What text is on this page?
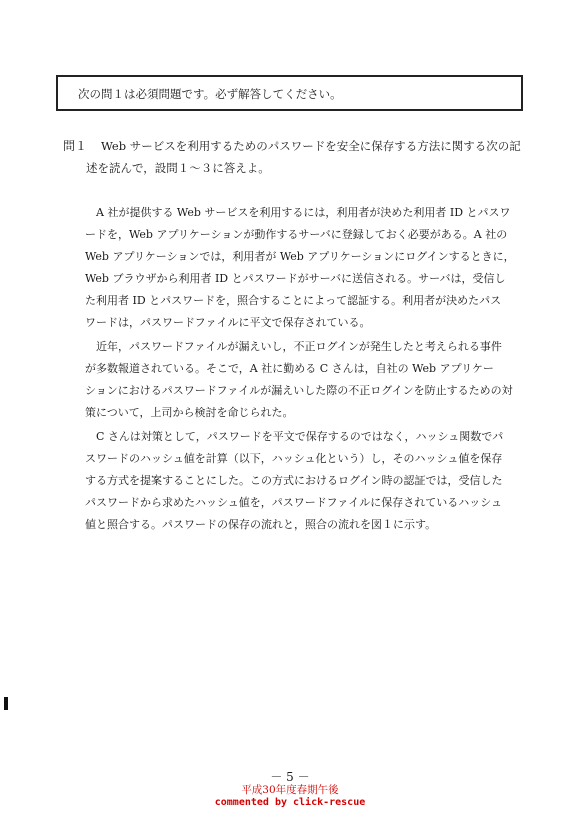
次の問１は必須問題です。必ず解答してください。
問１ Web サービスを利用するためのパスワードを安全に保存する方法に関する次の記
述を読んで，設問１～３に答えよ。
A 社が提供する Web サービスを利用するには，利用者が決めた利用者 ID とパスワ
ードを，Web アプリケーションが動作するサーバに登録しておく必要がある。A 社の
Web アプリケーションでは，利用者が Web アプリケーションにログインするときに，
Web ブラウザから利用者 ID とパスワードがサーバに送信される。サーバは，受信し
た利用者 ID とパスワードを，照合することによって認証する。利用者が決めたパス
ワードは，パスワードファイルに平文で保存されている。
近年，パスワードファイルが漏えいし，不正ログインが発生したと考えられる事件
が多数報道されている。そこで，A 社に勤める C さんは，自社の Web アプリケー
ションにおけるパスワードファイルが漏えいした際の不正ログインを防止するための対
策について，上司から検討を命じられた。
C さんは対策として，パスワードを平文で保存するのではなく，ハッシュ関数でパ
スワードのハッシュ値を計算（以下，ハッシュ化という）し，そのハッシュ値を保存
する方式を提案することにした。この方式におけるログイン時の認証では，受信した
パスワードから求めたハッシュ値を，パスワードファイルに保存されているハッシュ
値と照合する。パスワードの保存の流れと，照合の流れを図１に示す。
－ 5 －
平成30年度春期午後
commented by click-rescue
